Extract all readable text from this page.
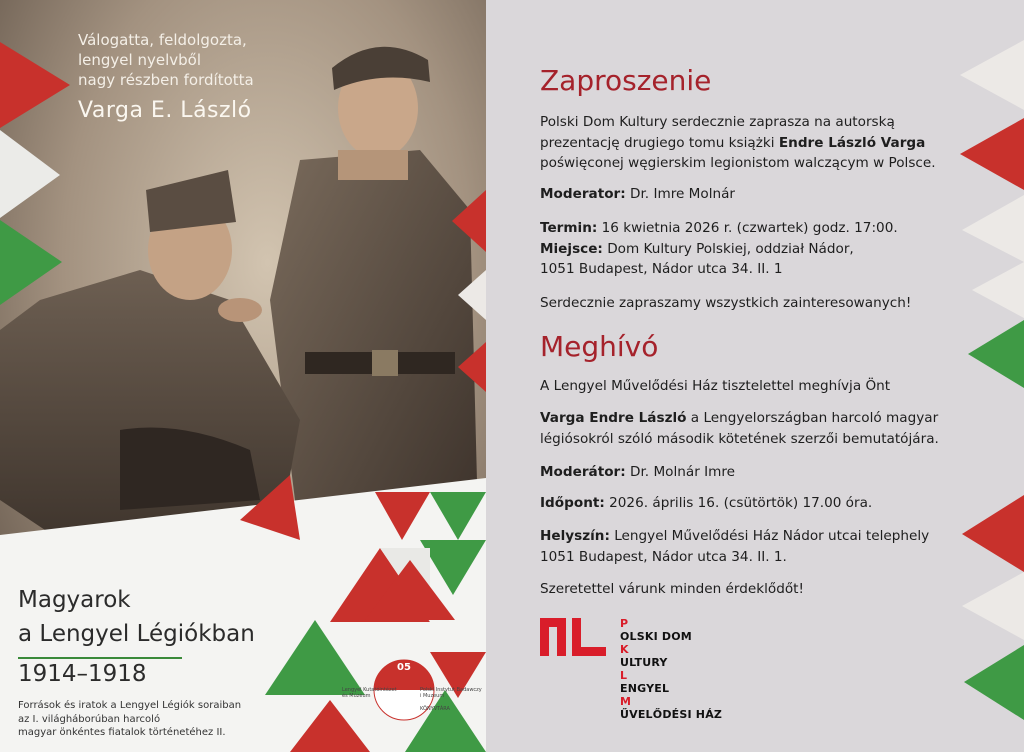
Válogatta, feldolgozta,
lengyel nyelvből
nagy részben fordította
Varga E. László
Magyarok
a Lengyel Légiókban
1914–1918
Források és iratok a Lengyel Légiók soraiban
az I. világháborúban harcoló
magyar önkéntes fiatalok történetéhez II.
05
Lengyel Kutatóintézet és Múzeum
Polski Instytut Badawczy i Muzeum
KÖNYVTÁRA
Zaproszenie
Polski Dom Kultury serdecznie zaprasza na autorską
prezentację drugiego tomu książki Endre László Varga
poświęconej węgierskim legionistom walczącym w Polsce.
Moderator: Dr. Imre Molnár
Termin: 16 kwietnia 2026 r. (czwartek) godz. 17:00.
Miejsce: Dom Kultury Polskiej, oddział Nádor,
1051 Budapest, Nádor utca 34. II. 1
Serdecznie zapraszamy wszystkich zainteresowanych!
Meghívó
A Lengyel Művelődési Ház tisztelettel meghívja Önt
Varga Endre László a Lengyelországban harcoló magyar
légiósokról szóló második kötetének szerzői bemutatójára.
Moderátor: Dr. Molnár Imre
Időpont: 2026. április 16. (csütörtök) 17.00 óra.
Helyszín: Lengyel Művelődési Ház Nádor utcai telephely
1051 Budapest, Nádor utca 34. II. 1.
Szeretettel várunk minden érdeklődőt!
P
OLSKI DOM
K
ULTURY
L
ENGYEL
M
ŰVELŐDÉSI HÁZ
